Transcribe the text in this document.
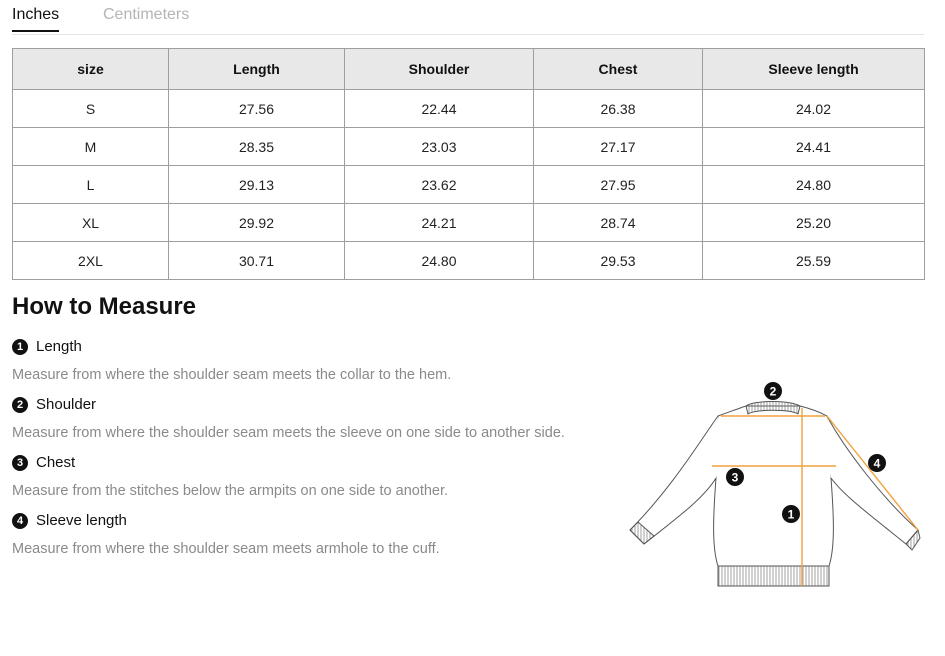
Inches	Centimeters
size	Length	Shoulder	Chest	Sleeve length
S	27.56	22.44	26.38	24.02
M	28.35	23.03	27.17	24.41
L	29.13	23.62	27.95	24.80
XL	29.92	24.21	28.74	25.20
2XL	30.71	24.80	29.53	25.59
How to Measure
1 Length
Measure from where the shoulder seam meets the collar to the hem.
2 Shoulder
Measure from where the shoulder seam meets the sleeve on one side to another side.
3 Chest
Measure from the stitches below the armpits on one side to another.
4 Sleeve length
Measure from where the shoulder seam meets armhole to the cuff.
1
2
3
4
